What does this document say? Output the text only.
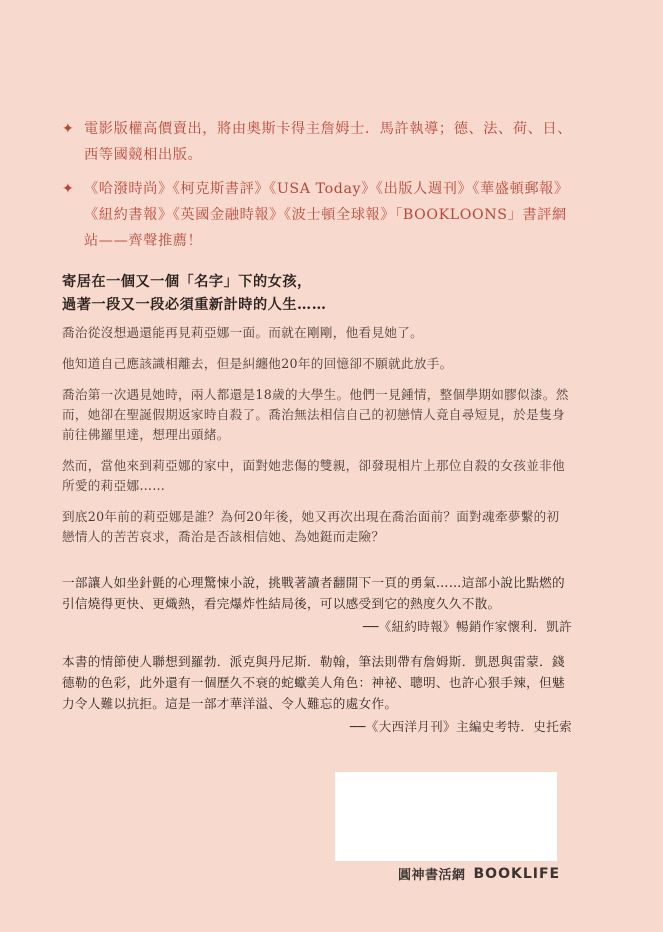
✦ 電影版權高價賣出，將由奧斯卡得主詹姆士．馬許執導；德、法、荷、日、西等國競相出版。
✦ 《哈潑時尚》《柯克斯書評》《USA Today》《出版人週刊》《華盛頓郵報》《紐約書報》《英國金融時報》《波士頓全球報》「BOOKLOONS」書評網站——齊聲推薦！
寄居在一個又一個「名字」下的女孩，
過著一段又一段必須重新計時的人生……

喬治從沒想過還能再見莉亞娜一面。而就在剛剛，他看見她了。

他知道自己應該識相離去，但是糾纏他20年的回憶卻不願就此放手。

喬治第一次遇見她時，兩人都還是18歲的大學生。他們一見鍾情，整個學期如膠似漆。然而，她卻在聖誕假期返家時自殺了。喬治無法相信自己的初戀情人竟自尋短見，於是隻身前往佛羅里達，想理出頭緒。

然而，當他來到莉亞娜的家中，面對她悲傷的雙親，卻發現相片上那位自殺的女孩並非他所愛的莉亞娜……

到底20年前的莉亞娜是誰？為何20年後，她又再次出現在喬治面前？面對魂牽夢繫的初戀情人的苦苦哀求，喬治是否該相信她、為她鋌而走險？

一部讓人如坐針氈的心理驚悚小說，挑戰著讀者翻開下一頁的勇氣……這部小說比點燃的引信燒得更快、更熾熱，看完爆炸性結局後，可以感受到它的熱度久久不散。

──《紐約時報》暢銷作家懷利．凱許

本書的情節使人聯想到羅勃．派克與丹尼斯．勒翰，筆法則帶有詹姆斯．凱恩與雷蒙．錢德勒的色彩，此外還有一個歷久不衰的蛇蠍美人角色：神祕、聰明、也許心狠手辣，但魅力令人難以抗拒。這是一部才華洋溢、令人難忘的處女作。

──《大西洋月刊》主編史考特．史托索

圓神書活網 BOOKLIFE
